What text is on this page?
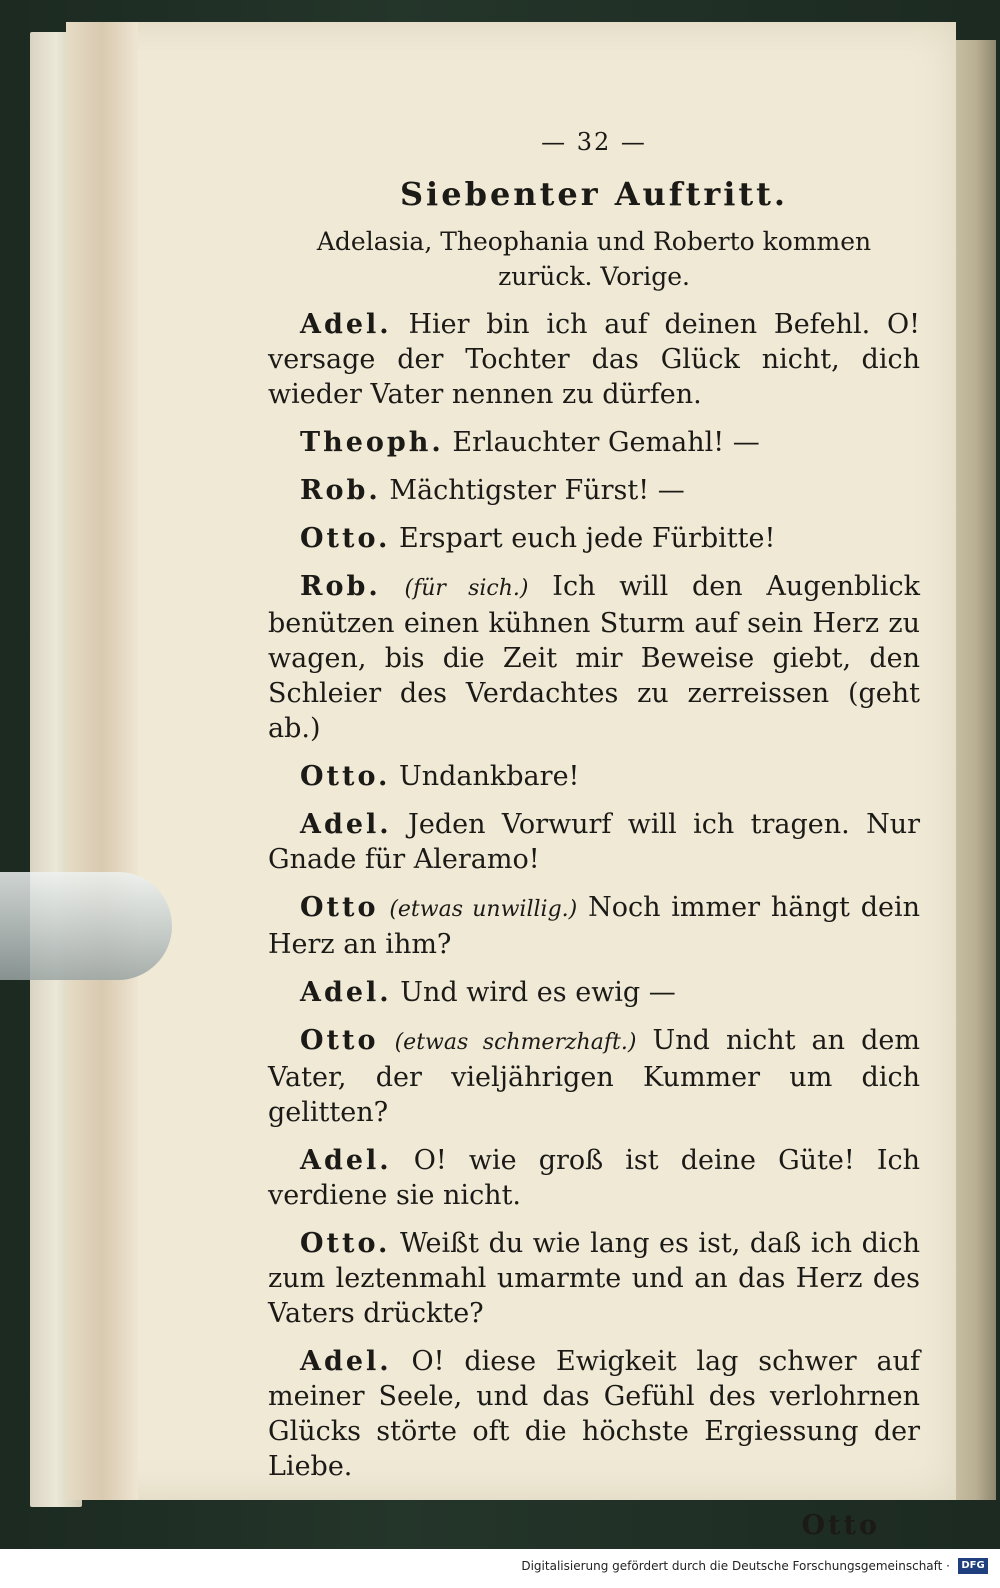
— 32 —
Siebenter Auftritt.
Adelasia, Theophania und Roberto kommen zurück. Vorige.
Adel. Hier bin ich auf deinen Befehl. O! versage der Tochter das Glück nicht, dich wieder Vater nennen zu dürfen.
Theoph. Erlauchter Gemahl! —
Rob. Mächtigster Fürst! —
Otto. Erspart euch jede Fürbitte!
Rob. (für sich.) Ich will den Augenblick benützen einen kühnen Sturm auf sein Herz zu wagen, bis die Zeit mir Beweise giebt, den Schleier des Verdachtes zu zerreissen (geht ab.)
Otto. Undankbare!
Adel. Jeden Vorwurf will ich tragen. Nur Gnade für Aleramo!
Otto (etwas unwillig.) Noch immer hängt dein Herz an ihm?
Adel. Und wird es ewig —
Otto (etwas schmerzhaft.) Und nicht an dem Vater, der vieljährigen Kummer um dich gelitten?
Adel. O! wie groß ist deine Güte! Ich verdiene sie nicht.
Otto. Weißt du wie lang es ist, daß ich dich zum leztenmahl umarmte und an das Herz des Vaters drückte?
Adel. O! diese Ewigkeit lag schwer auf meiner Seele, und das Gefühl des verlohrnen Glücks störte oft die höchste Ergiessung der Liebe.
Otto
Digitalisierung gefördert durch die Deutsche Forschungsgemeinschaft ·	DFG
